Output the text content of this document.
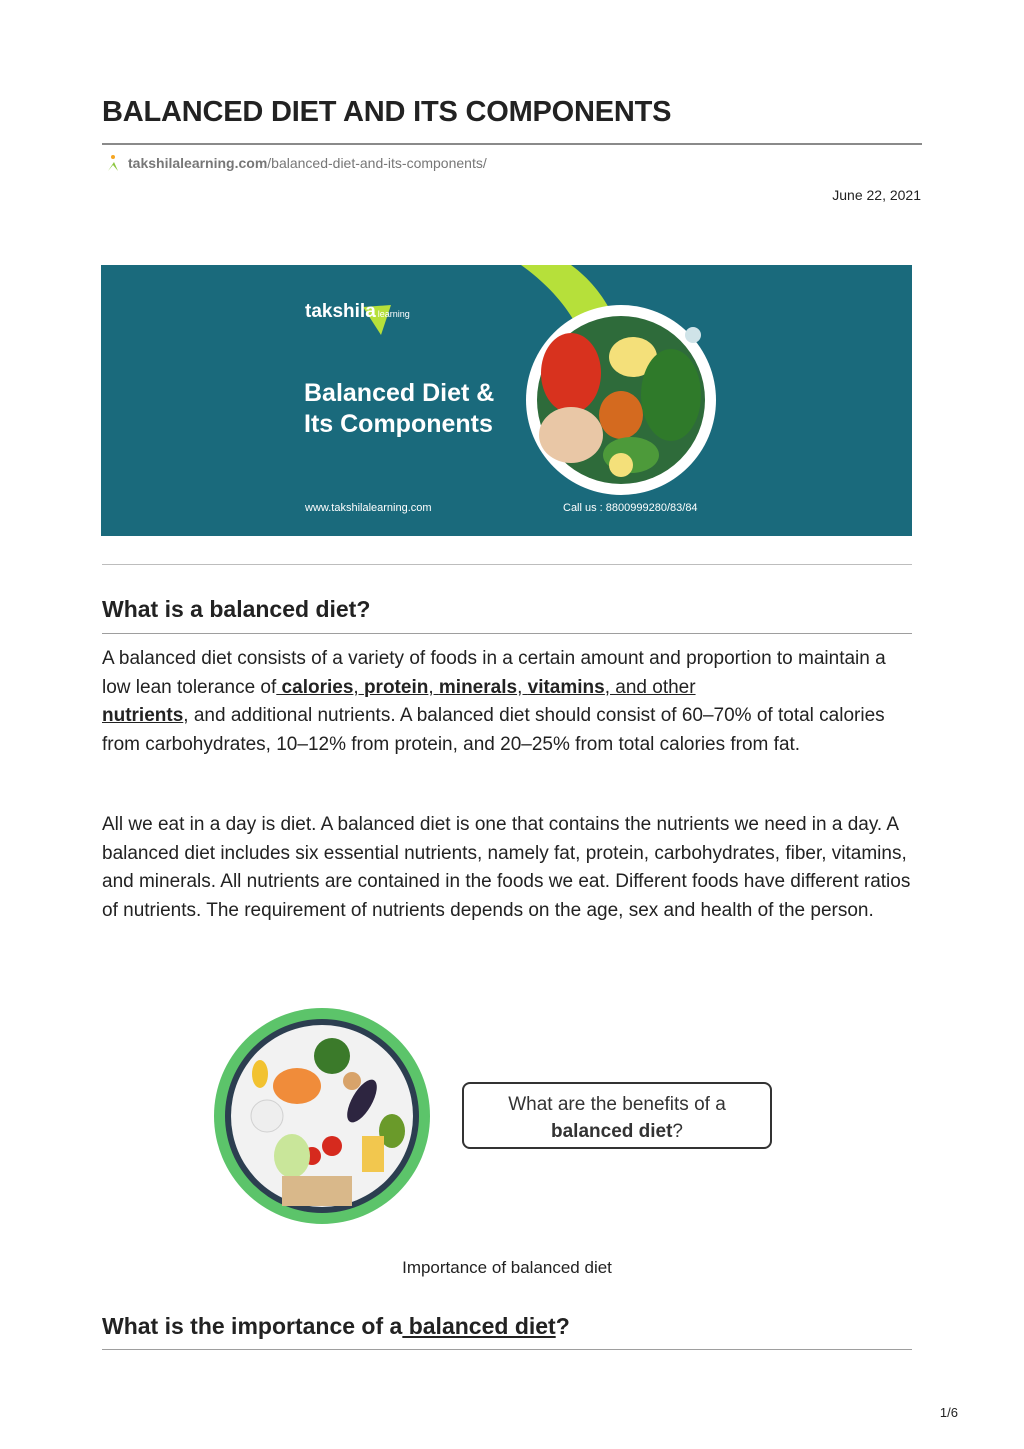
BALANCED DIET AND ITS COMPONENTS
takshilalearning.com /balanced-diet-and-its-components/
June 22, 2021
takshila learning
Balanced Diet &
Its Components
www.takshilalearning.com	Call us : 8800999280/83/84
What is a balanced diet?

A balanced diet consists of a variety of foods in a certain amount and proportion to maintain a low lean tolerance of calories, protein, minerals, vitamins, and other
nutrients, and additional nutrients. A balanced diet should consist of 60–70% of total calories from carbohydrates, 10–12% from protein, and 20–25% from total calories from fat.

All we eat in a day is diet. A balanced diet is one that contains the nutrients we need in a day. A balanced diet includes six essential nutrients, namely fat, protein, carbohydrates, fiber, vitamins, and minerals. All nutrients are contained in the foods we eat. Different foods have different ratios of nutrients. The requirement of nutrients depends on the age, sex and health of the person.

What are the benefits of a
balanced diet?
Importance of balanced diet
What is the importance of a balanced diet?
1/6
